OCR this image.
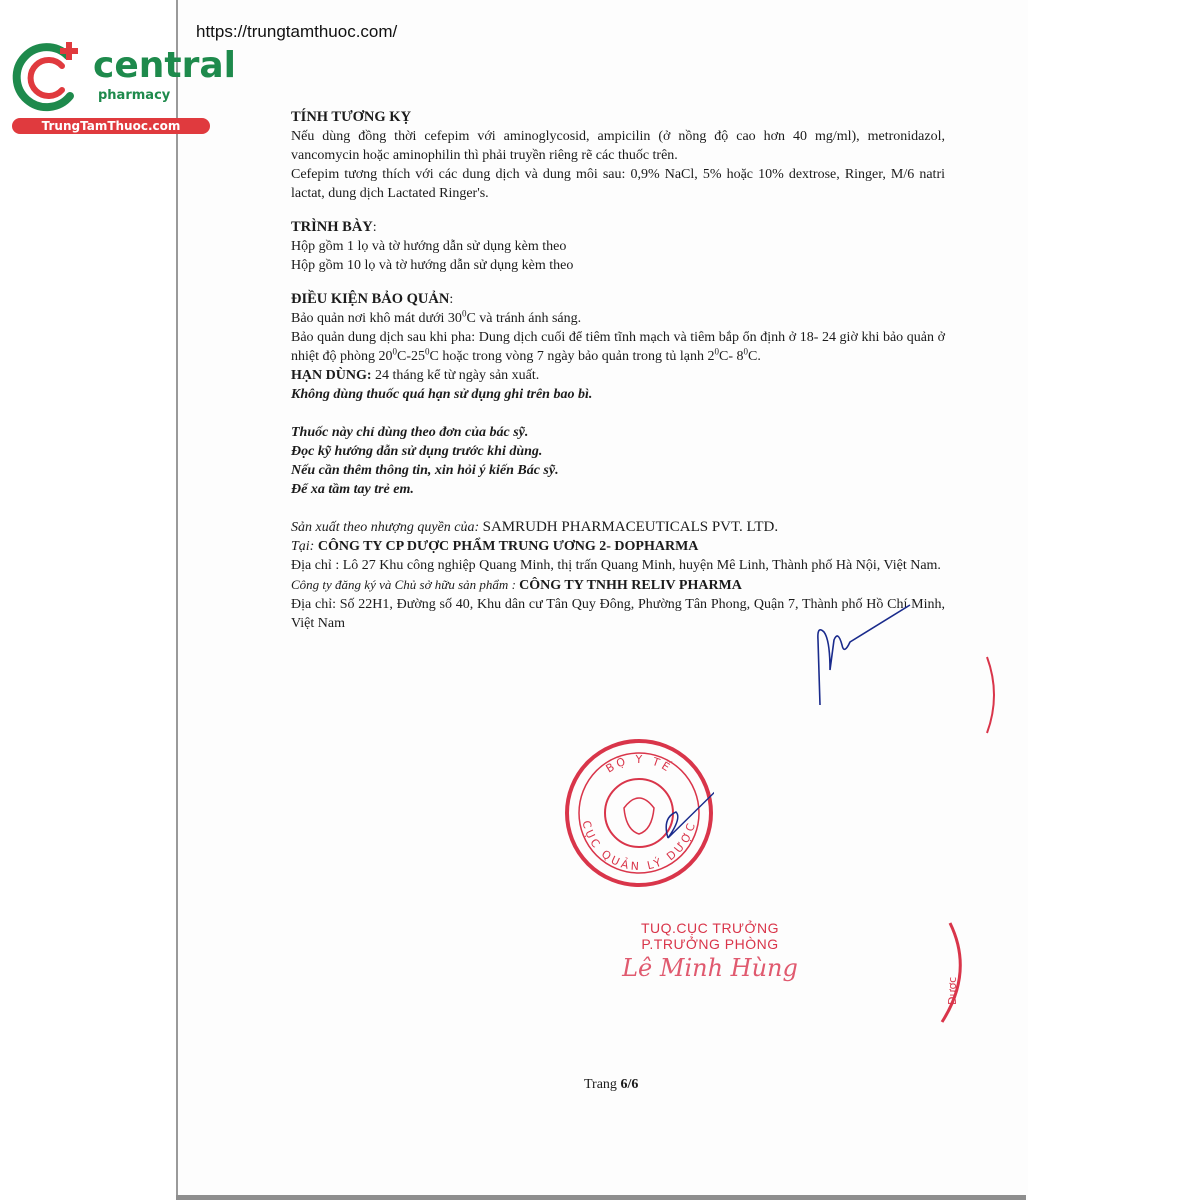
central
pharmacy
TrungTamThuoc.com
https://trungtamthuoc.com/
TÍNH TƯƠNG KỴ
Nếu dùng đồng thời cefepim với aminoglycosid, ampicilin (ở nồng độ cao hơn 40 mg/ml), metronidazol, vancomycin hoặc aminophilin thì phải truyền riêng rẽ các thuốc trên.
Cefepim tương thích với các dung dịch và dung môi sau: 0,9% NaCl, 5% hoặc 10% dextrose, Ringer, M/6 natri lactat, dung dịch Lactated Ringer's.
TRÌNH BÀY:
Hộp gồm 1 lọ và tờ hướng dẫn sử dụng kèm theo
Hộp gồm 10 lọ và tờ hướng dẫn sử dụng kèm theo
ĐIỀU KIỆN BẢO QUẢN:
Bảo quản nơi khô mát dưới $30^0C$ và tránh ánh sáng.
Bảo quản dung dịch sau khi pha: Dung dịch cuối để tiêm tĩnh mạch và tiêm bắp ổn định ở 18- 24 giờ khi bảo quản ở nhiệt độ phòng $20^0C-25^0C$ hoặc trong vòng 7 ngày bảo quản trong tủ lạnh $2^0C-$ $8^0C$.
HẠN DÙNG: 24 tháng kể từ ngày sản xuất.
Không dùng thuốc quá hạn sử dụng ghi trên bao bì.
Thuốc này chỉ dùng theo đơn của bác sỹ.
Đọc kỹ hướng dẫn sử dụng trước khi dùng.
Nếu cần thêm thông tin, xin hỏi ý kiến Bác sỹ.
Để xa tầm tay trẻ em.
Sản xuất theo nhượng quyền của: SAMRUDH PHARMACEUTICALS PVT. LTD.
Tại: CÔNG TY CP DƯỢC PHẨM TRUNG ƯƠNG 2- DOPHARMA
Địa chỉ : Lô 27 Khu công nghiệp Quang Minh, thị trấn Quang Minh, huyện Mê Linh, Thành phố Hà Nội, Việt Nam.
Công ty đăng ký và Chủ sở hữu sản phẩm : CÔNG TY TNHH RELIV PHARMA
Địa chỉ: Số 22H1, Đường số 40, Khu dân cư Tân Quy Đông, Phường Tân Phong, Quận 7, Thành phố Hồ Chí Minh, Việt Nam
BỘ Y TẾ
CỤC QUẢN LÝ DƯỢC
TUQ.CỤC TRƯỞNG
P.TRƯỞNG PHÒNG
Lê Minh Hùng
Dược
Trang 6/6
